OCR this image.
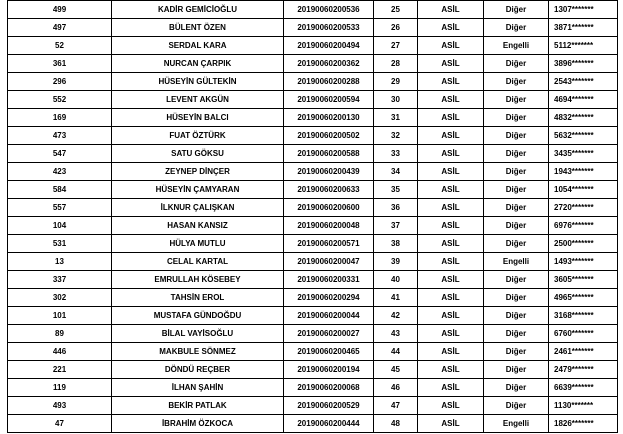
499	KADİR GEMİCİOĞLU	20190060200536	25	ASİL	Diğer	1307*******
497	BÜLENT ÖZEN	20190060200533	26	ASİL	Diğer	3871*******
52	SERDAL KARA	20190060200494	27	ASİL	Engelli	5112*******
361	NURCAN ÇARPIK	20190060200362	28	ASİL	Diğer	3896*******
296	HÜSEYİN GÜLTEKİN	20190060200288	29	ASİL	Diğer	2543*******
552	LEVENT AKGÜN	20190060200594	30	ASİL	Diğer	4694*******
169	HÜSEYİN BALCI	20190060200130	31	ASİL	Diğer	4832*******
473	FUAT ÖZTÜRK	20190060200502	32	ASİL	Diğer	5632*******
547	SATU GÖKSU	20190060200588	33	ASİL	Diğer	3435*******
423	ZEYNEP DİNÇER	20190060200439	34	ASİL	Diğer	1943*******
584	HÜSEYİN ÇAMYARAN	20190060200633	35	ASİL	Diğer	1054*******
557	İLKNUR ÇALIŞKAN	20190060200600	36	ASİL	Diğer	2720*******
104	HASAN KANSIZ	20190060200048	37	ASİL	Diğer	6976*******
531	HÜLYA MUTLU	20190060200571	38	ASİL	Diğer	2500*******
13	CELAL KARTAL	20190060200047	39	ASİL	Engelli	1493*******
337	EMRULLAH KÖSEBEY	20190060200331	40	ASİL	Diğer	3605*******
302	TAHSİN EROL	20190060200294	41	ASİL	Diğer	4965*******
101	MUSTAFA GÜNDOĞDU	20190060200044	42	ASİL	Diğer	3168*******
89	BİLAL VAYİSOĞLU	20190060200027	43	ASİL	Diğer	6760*******
446	MAKBULE SÖNMEZ	20190060200465	44	ASİL	Diğer	2461*******
221	DÖNDÜ REÇBER	20190060200194	45	ASİL	Diğer	2479*******
119	İLHAN ŞAHİN	20190060200068	46	ASİL	Diğer	6639*******
493	BEKİR PATLAK	20190060200529	47	ASİL	Diğer	1130*******
47	İBRAHİM ÖZKOCA	20190060200444	48	ASİL	Engelli	1826*******
